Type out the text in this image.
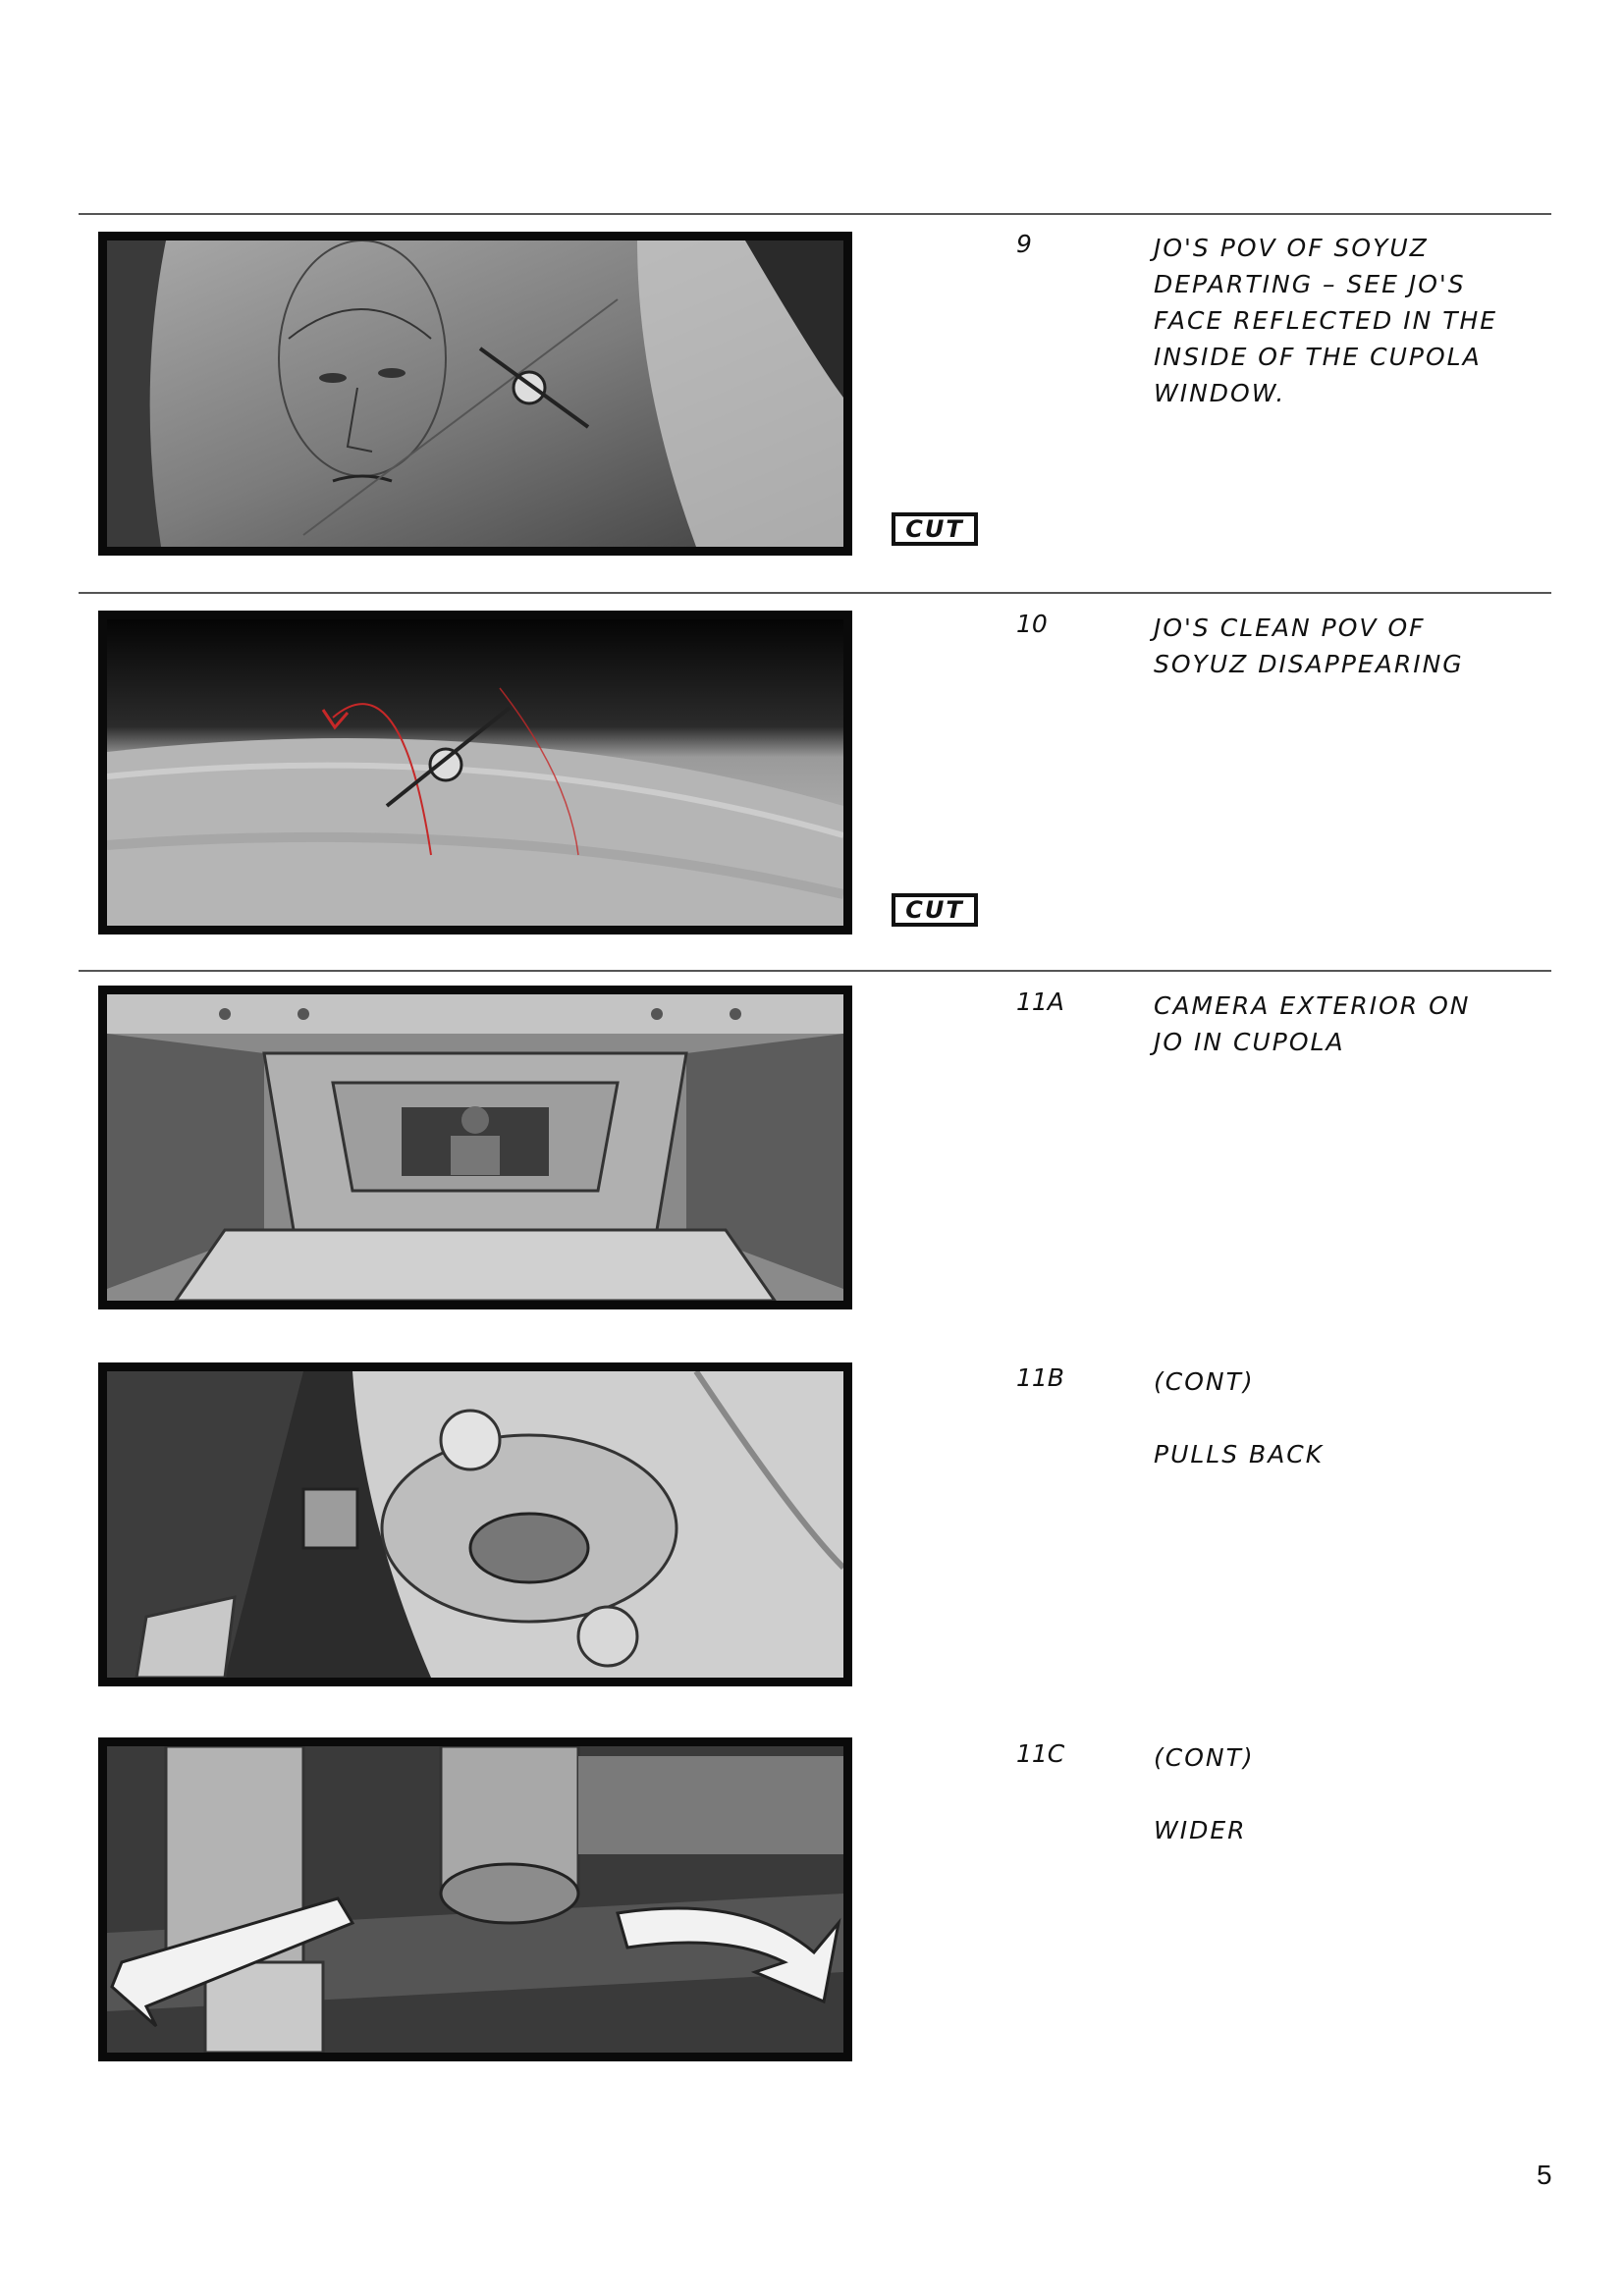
CUT
9	JO'S POV OF SOYUZ
DEPARTING – SEE JO'S
FACE REFLECTED IN THE
INSIDE OF THE CUPOLA
WINDOW.
CUT
10	JO'S CLEAN POV OF
SOYUZ DISAPPEARING
11A	CAMERA EXTERIOR ON
JO IN CUPOLA
11B	(CONT)
PULLS BACK
11C	(CONT)
WIDER
5
